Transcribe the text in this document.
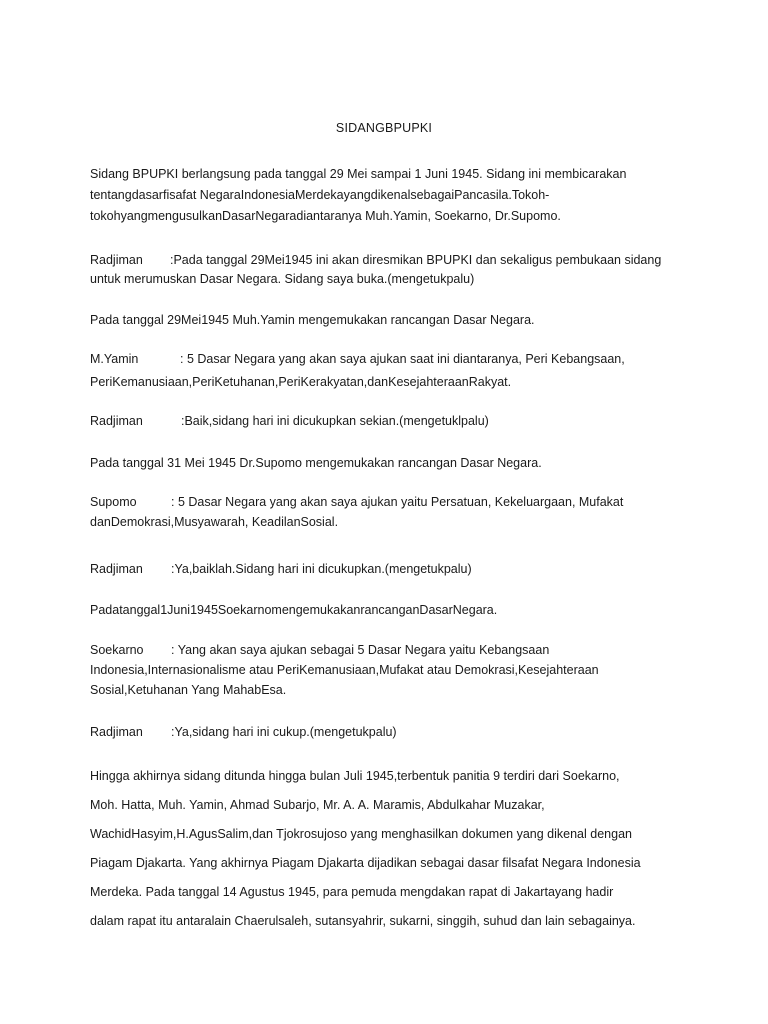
SIDANGBPUPKI
Sidang BPUPKI berlangsung pada tanggal 29 Mei sampai 1 Juni 1945. Sidang ini membicarakan
tentangdasarfisafat NegaraIndonesiaMerdekayangdikenalsebagaiPancasila.Tokoh-
tokohyangmengusulkanDasarNegaradiantaranya Muh.Yamin, Soekarno, Dr.Supomo.
Radjiman :Pada tanggal 29Mei1945 ini akan diresmikan BPUPKI dan sekaligus pembukaan sidang
untuk merumuskan Dasar Negara. Sidang saya buka.(mengetukpalu)
Pada tanggal 29Mei1945 Muh.Yamin mengemukakan rancangan Dasar Negara.
M.Yamin	: 5 Dasar Negara yang akan saya ajukan saat ini diantaranya, Peri Kebangsaan,
PeriKemanusiaan,PeriKetuhanan,PeriKerakyatan,danKesejahteraanRakyat.
Radjiman	:Baik,sidang hari ini dicukupkan sekian.(mengetuklpalu)
Pada tanggal 31 Mei 1945 Dr.Supomo mengemukakan rancangan Dasar Negara.
Supomo	: 5 Dasar Negara yang akan saya ajukan yaitu Persatuan, Kekeluargaan, Mufakat
danDemokrasi,Musyawarah, KeadilanSosial.
Radjiman :Ya,baiklah.Sidang hari ini dicukupkan.(mengetukpalu)
Padatanggal1Juni1945SoekarnomengemukakanrancanganDasarNegara.
Soekarno : Yang akan saya ajukan sebagai 5 Dasar Negara yaitu Kebangsaan
Indonesia,Internasionalisme atau PeriKemanusiaan,Mufakat atau Demokrasi,Kesejahteraan
Sosial,Ketuhanan Yang MahabEsa.
Radjiman :Ya,sidang hari ini cukup.(mengetukpalu)
Hingga akhirnya sidang ditunda hingga bulan Juli 1945,terbentuk panitia 9 terdiri dari Soekarno,
Moh. Hatta, Muh. Yamin, Ahmad Subarjo, Mr. A. A. Maramis, Abdulkahar Muzakar,
WachidHasyim,H.AgusSalim,dan Tjokrosujoso yang menghasilkan dokumen yang dikenal dengan
Piagam Djakarta. Yang akhirnya Piagam Djakarta dijadikan sebagai dasar filsafat Negara Indonesia
Merdeka. Pada tanggal 14 Agustus 1945, para pemuda mengdakan rapat di Jakartayang hadir
dalam rapat itu antaralain Chaerulsaleh, sutansyahrir, sukarni, singgih, suhud dan lain sebagainya.
